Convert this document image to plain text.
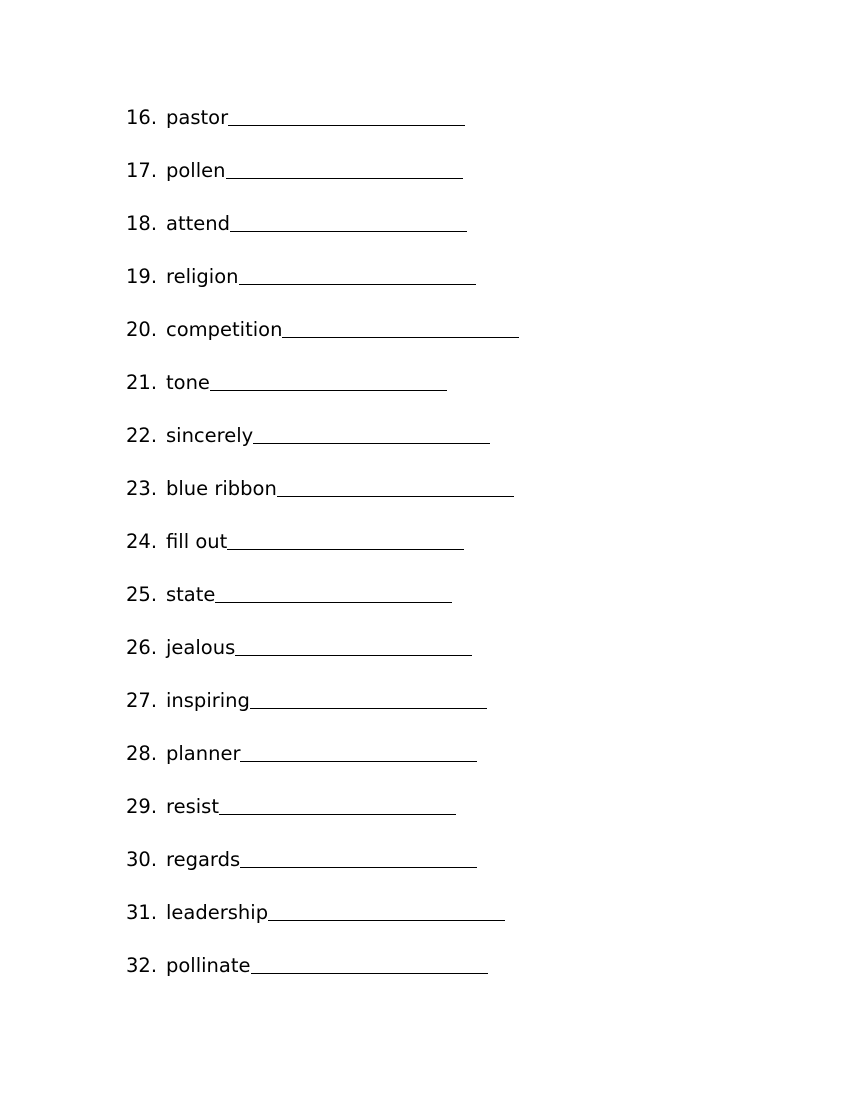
16. pastor
17. pollen
18. attend
19. religion
20. competition
21. tone
22. sincerely
23. blue ribbon
24. fill out
25. state
26. jealous
27. inspiring
28. planner
29. resist
30. regards
31. leadership
32. pollinate
